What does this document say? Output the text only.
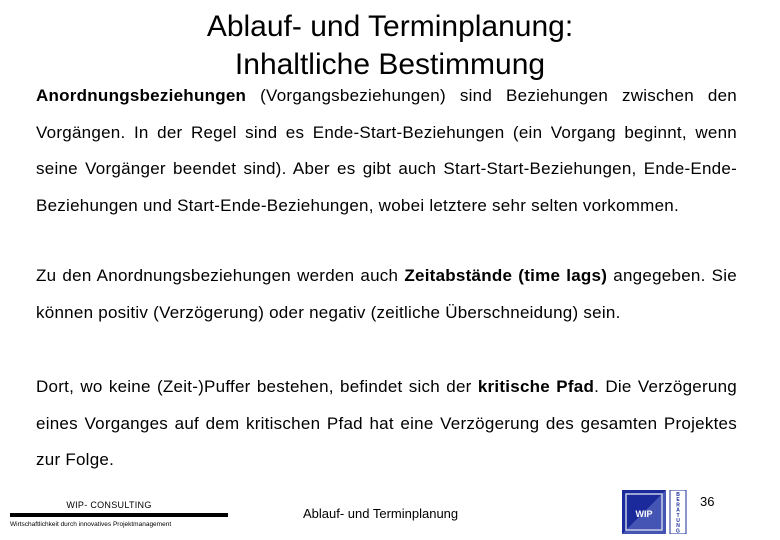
Ablauf- und Terminplanung:
Inhaltliche Bestimmung
Anordnungsbeziehungen (Vorgangsbeziehungen) sind Beziehungen zwischen den Vorgängen. In der Regel sind es Ende-Start-Beziehungen (ein Vorgang beginnt, wenn seine Vorgänger beendet sind). Aber es gibt auch Start-Start-Beziehungen, Ende-Ende-Beziehungen und Start-Ende-Beziehungen, wobei letztere sehr selten vorkommen.
Zu den Anordnungsbeziehungen werden auch Zeitabstände (time lags) angegeben. Sie können positiv (Verzögerung) oder negativ (zeitliche Überschneidung) sein.
Dort, wo keine (Zeit-)Puffer bestehen, befindet sich der kritische Pfad. Die Verzögerung eines Vorganges auf dem kritischen Pfad hat eine Verzögerung des gesamten Projektes zur Folge.
WIP- CONSULTING
Wirtschaftlichkeit durch innovatives Projektmanagement
Ablauf- und Terminplanung	WIP
B
E
R
A
T
U
N
G
36
